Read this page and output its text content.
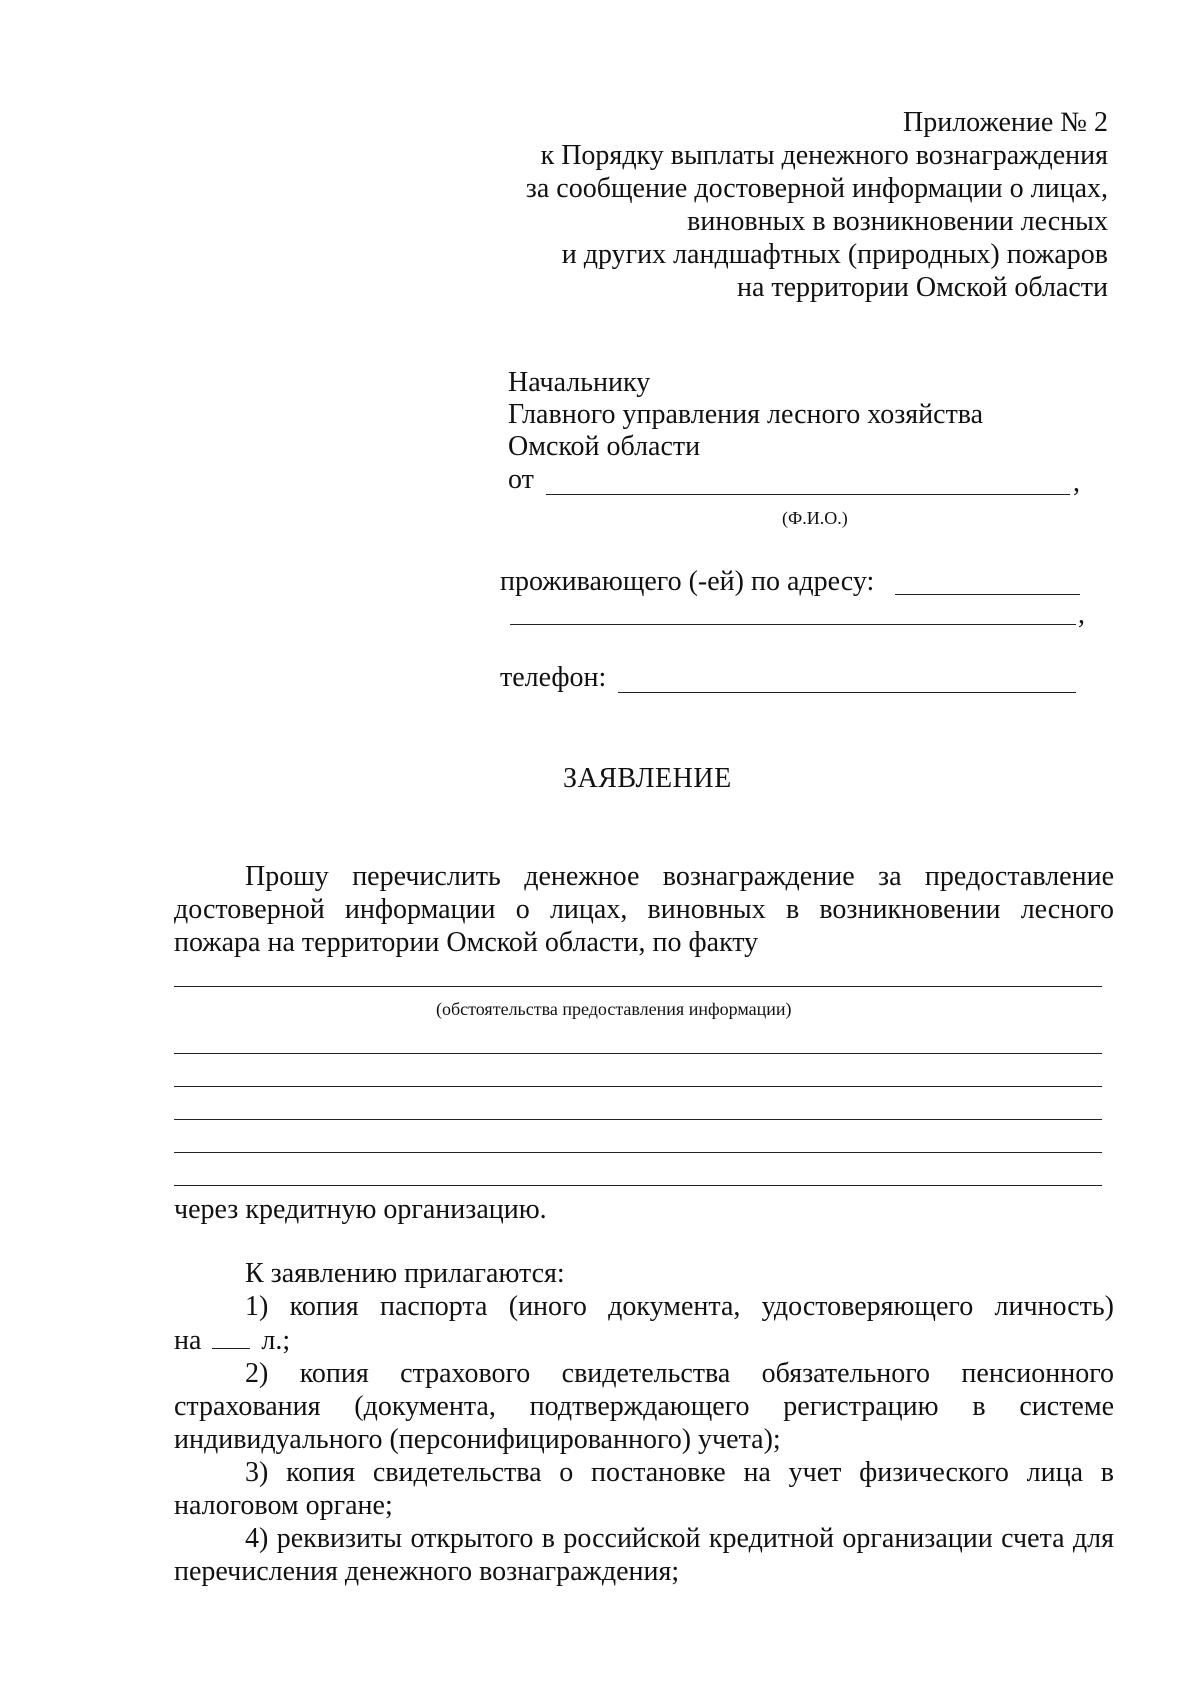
Приложение № 2
к Порядку выплаты денежного вознаграждения
за сообщение достоверной информации о лицах,
виновных в возникновении лесных
и других ландшафтных (природных) пожаров
на территории Омской области
Начальнику
Главного управления лесного хозяйства
Омской области
от	,
(Ф.И.О.)
проживающего (-ей) по адресу:
,
телефон:
ЗАЯВЛЕНИЕ
Прошу перечислить денежное вознаграждение за предоставление
достоверной информации о лицах, виновных в возникновении лесного
пожара на территории Омской области, по факту
(обстоятельства предоставления информации)
через кредитную организацию.
К заявлению прилагаются:
1) копия паспорта (иного документа, удостоверяющего личность)
на л.;
2) копия страхового свидетельства обязательного пенсионного
страхования (документа, подтверждающего регистрацию в системе
индивидуального (персонифицированного) учета);
3) копия свидетельства о постановке на учет физического лица в
налоговом органе;
4) реквизиты открытого в российской кредитной организации счета для
перечисления денежного вознаграждения;
